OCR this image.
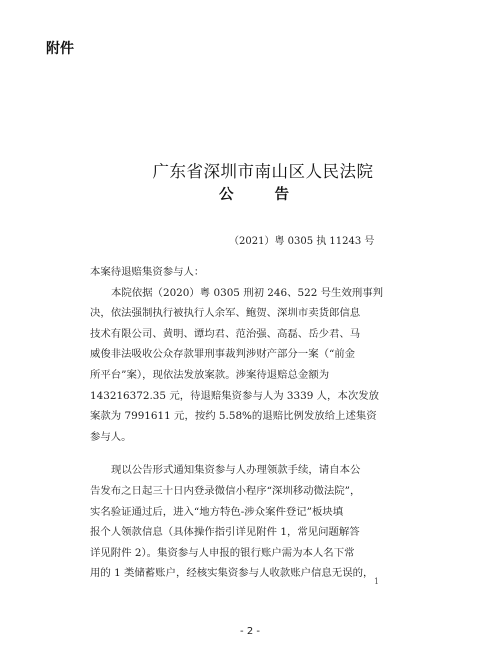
附件
广东省深圳市南山区人民法院
公 告
（2021）粤 0305 执 11243 号

本案待退赔集资参与人：

本院依据（2020）粤 0305 刑初 246、522 号生效刑事判

决，依法强制执行被执行人余军、鲍贺、深圳市卖货郎信息

技术有限公司、黄明、谭均君、范治强、高磊、岳少君、马

威俊非法吸收公众存款罪刑事裁判涉财产部分一案（“前金

所平台”案），现依法发放案款。涉案待退赔总金额为

143216372.35 元，待退赔集资参与人为 3339 人，本次发放

案款为 7991611 元，按约 5.58%的退赔比例发放给上述集资

参与人。

现以公告形式通知集资参与人办理领款手续，请自本公

告发布之日起三十日内登录微信小程序“深圳移动微法院”，

实名验证通过后，进入“地方特色-涉众案件登记”板块填

报个人领款信息（具体操作指引详见附件 1，常见问题解答

详见附件 2）。集资参与人申报的银行账户需为本人名下常

用的 1 类储蓄账户，经核实集资参与人收款账户信息无误的，

1
- 2 -
